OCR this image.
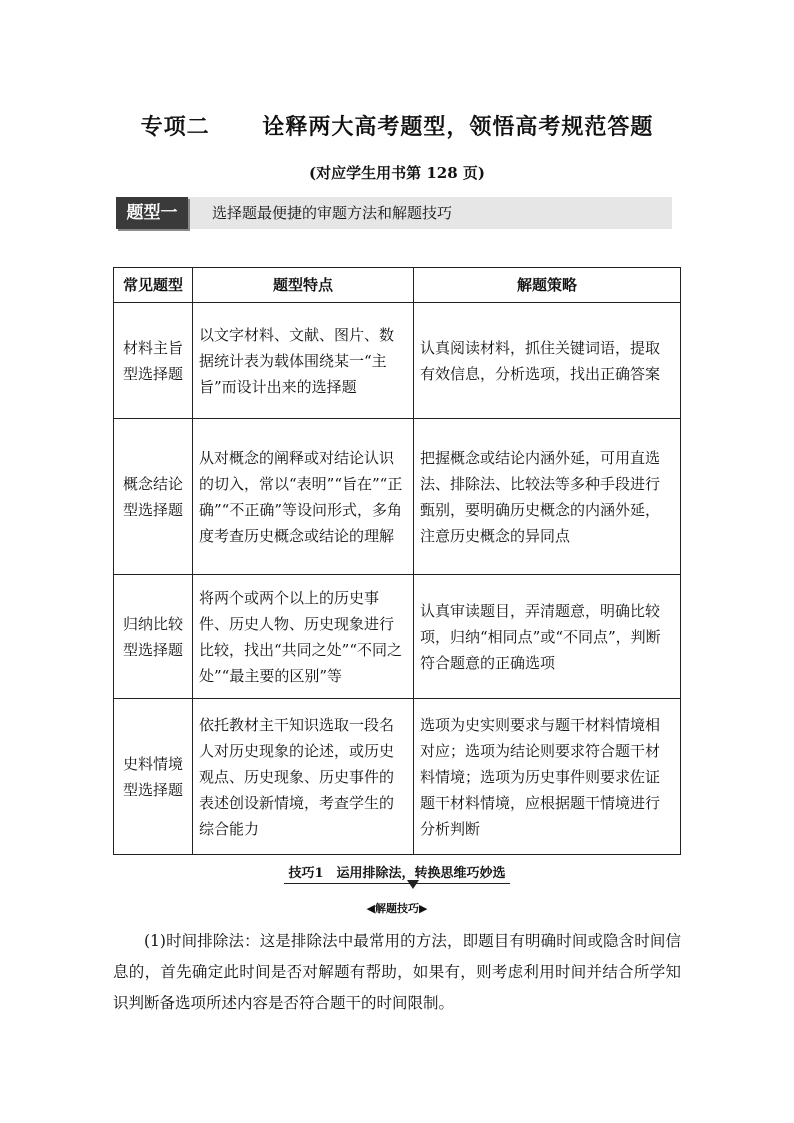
专项二 诠释两大高考题型，领悟高考规范答题
(对应学生用书第 128 页)
题型一	选择题最便捷的审题方法和解题技巧
常见题型	题型特点	解题策略
材料主旨型选择题	以文字材料、文献、图片、数据统计表为载体围绕某一“主旨”而设计出来的选择题	认真阅读材料，抓住关键词语，提取有效信息，分析选项，找出正确答案
概念结论型选择题	从对概念的阐释或对结论认识的切入，常以“表明”“旨在”“正确”“不正确”等设问形式，多角度考查历史概念或结论的理解	把握概念或结论内涵外延，可用直选法、排除法、比较法等多种手段进行甄别，要明确历史概念的内涵外延，注意历史概念的异同点
归纳比较型选择题	将两个或两个以上的历史事件、历史人物、历史现象进行比较，找出“共同之处”“不同之处”“最主要的区别”等	认真审读题目，弄清题意，明确比较项，归纳“相同点”或“不同点”，判断符合题意的正确选项
史料情境型选择题	依托教材主干知识选取一段名人对历史现象的论述，或历史观点、历史现象、历史事件的表述创设新情境，考查学生的综合能力	选项为史实则要求与题干材料情境相对应；选项为结论则要求符合题干材料情境；选项为历史事件则要求佐证题干材料情境，应根据题干情境进行分析判断
技巧1　运用排除法，转换思维巧妙选
◀解题技巧▶
(1)时间排除法：这是排除法中最常用的方法，即题目有明确时间或隐含时间信息的，首先确定此时间是否对解题有帮助，如果有，则考虑利用时间并结合所学知识判断备选项所述内容是否符合题干的时间限制。
